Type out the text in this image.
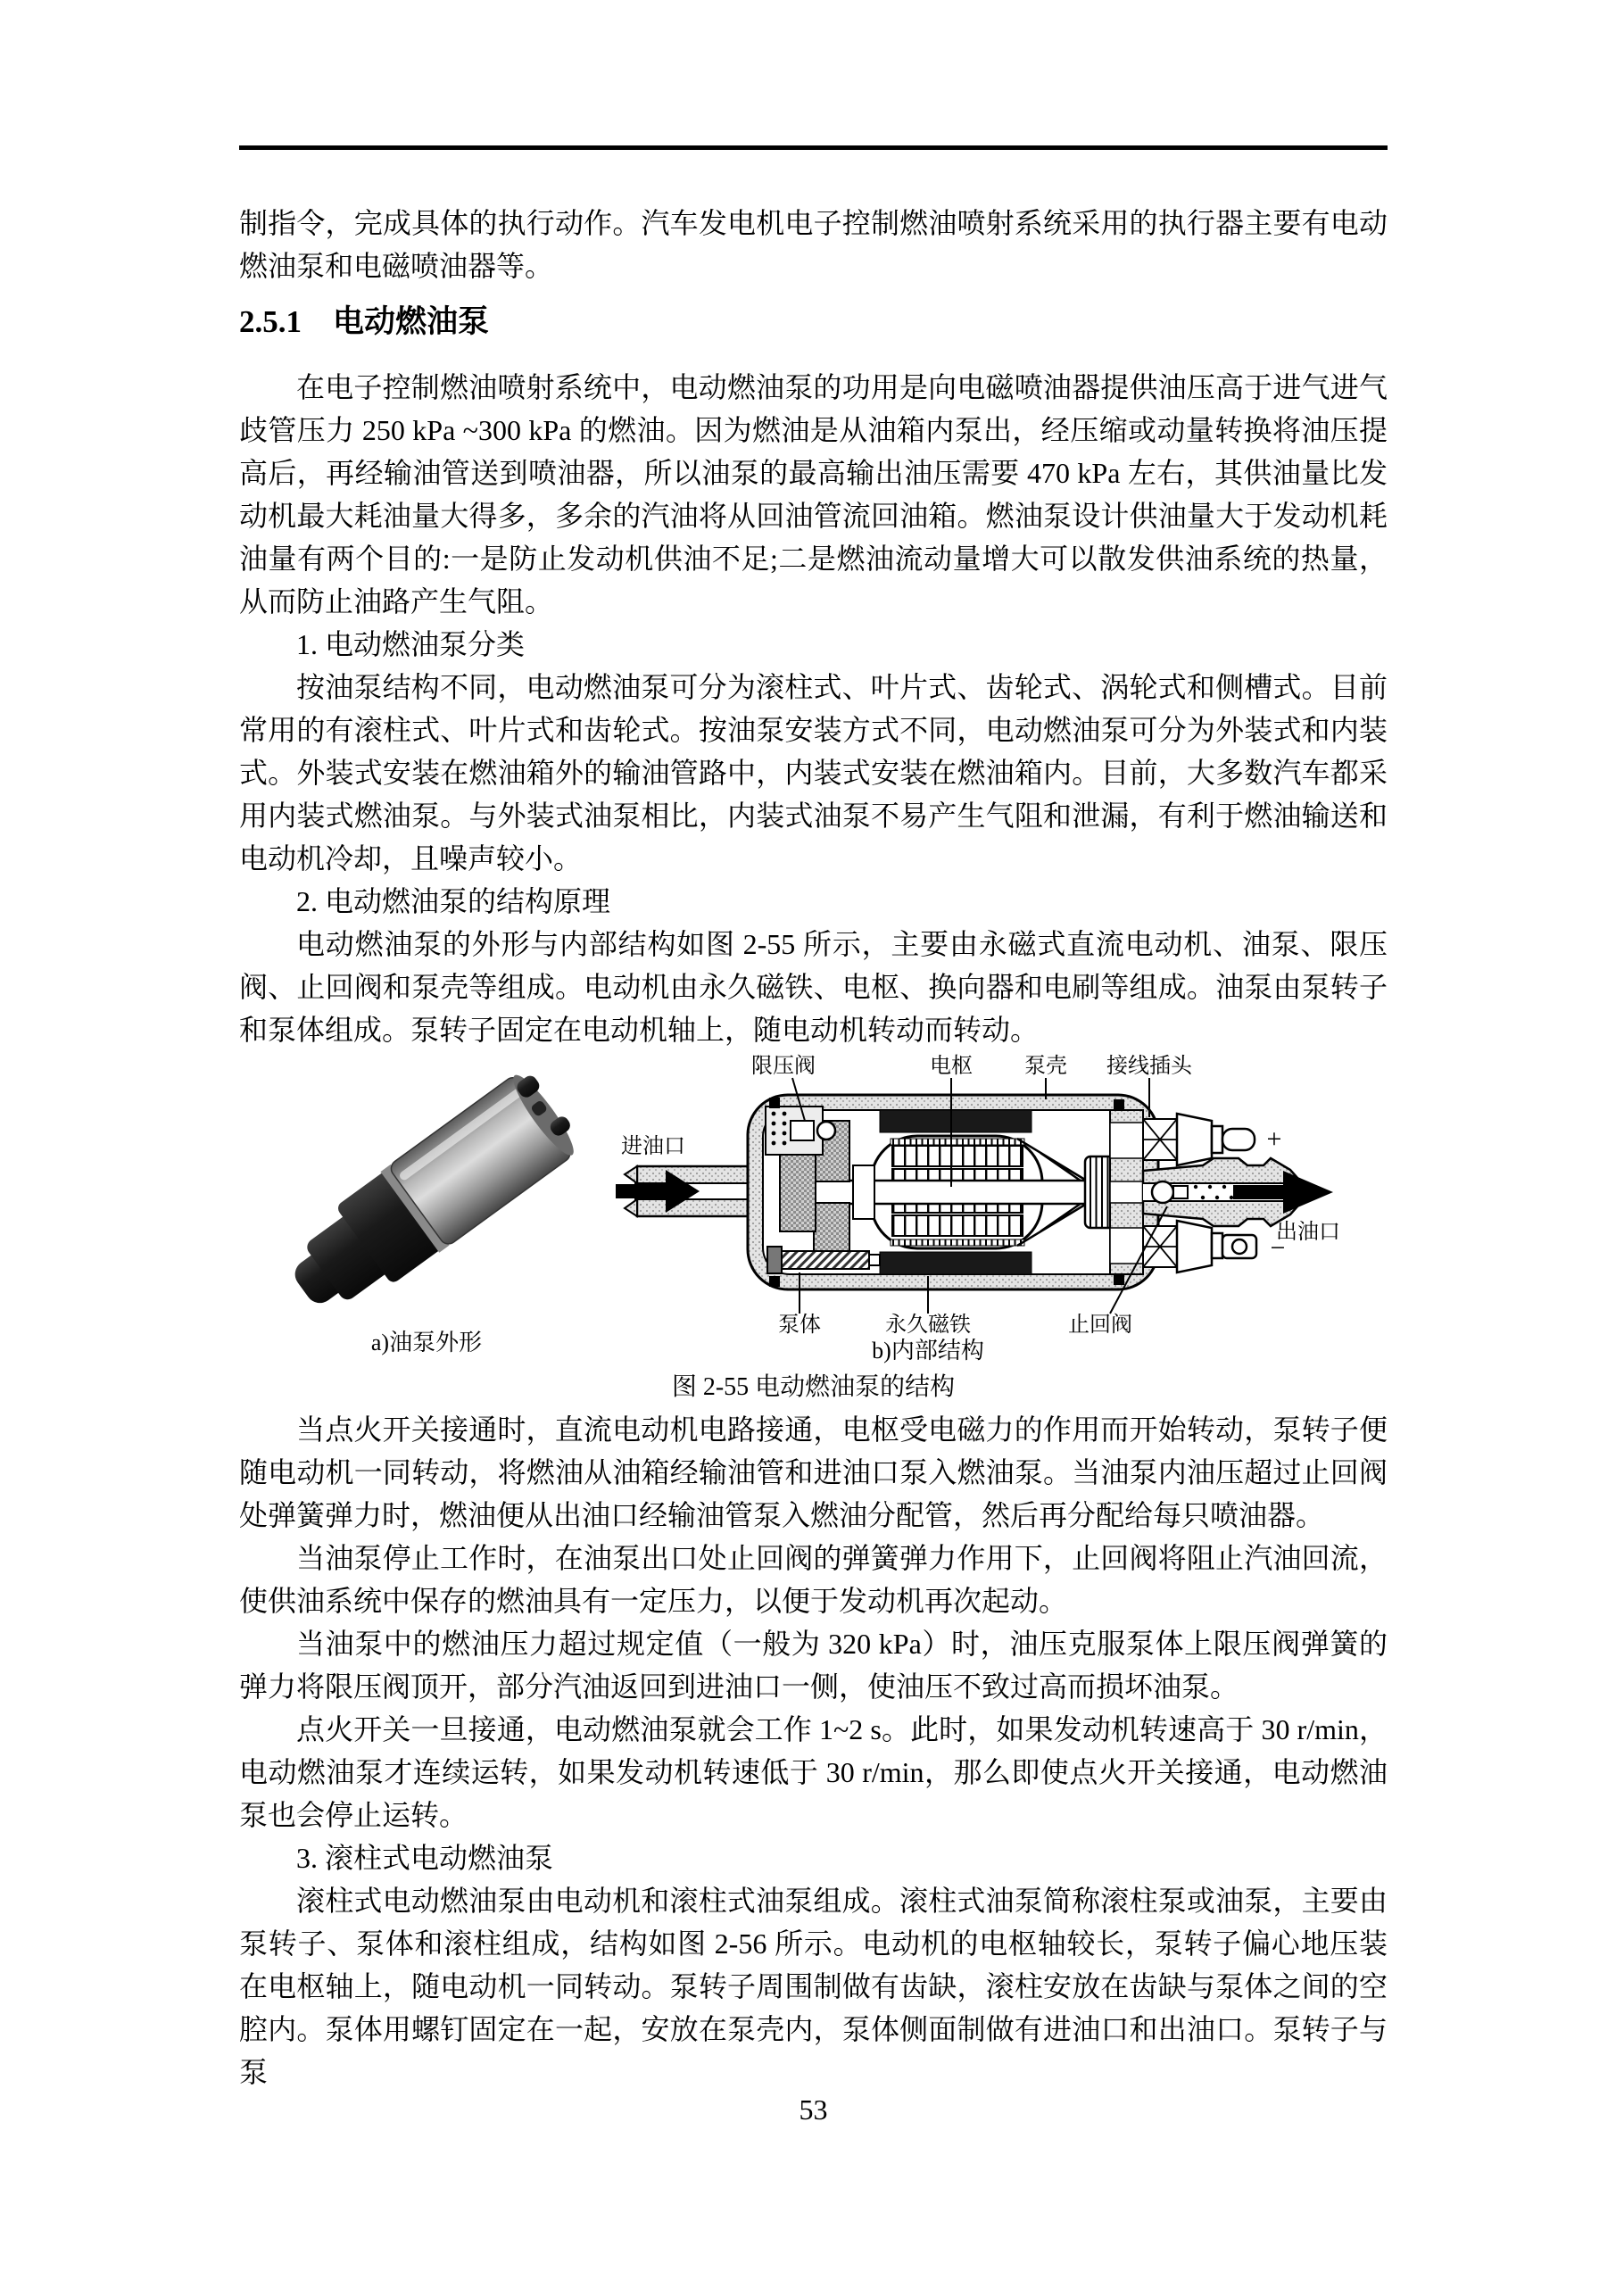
制指令，完成具体的执行动作。汽车发电机电子控制燃油喷射系统采用的执行器主要有电动燃油泵和电磁喷油器等。

2.5.1　电动燃油泵

在电子控制燃油喷射系统中，电动燃油泵的功用是向电磁喷油器提供油压高于进气进气歧管压力 250 kPa ~300 kPa 的燃油。因为燃油是从油箱内泵出，经压缩或动量转换将油压提高后，再经输油管送到喷油器，所以油泵的最高输出油压需要 470 kPa 左右，其供油量比发动机最大耗油量大得多，多余的汽油将从回油管流回油箱。燃油泵设计供油量大于发动机耗油量有两个目的:一是防止发动机供油不足;二是燃油流动量增大可以散发供油系统的热量，从而防止油路产生气阻。

1. 电动燃油泵分类

按油泵结构不同，电动燃油泵可分为滚柱式、叶片式、齿轮式、涡轮式和侧槽式。目前常用的有滚柱式、叶片式和齿轮式。按油泵安装方式不同，电动燃油泵可分为外装式和内装式。外装式安装在燃油箱外的输油管路中，内装式安装在燃油箱内。目前，大多数汽车都采用内装式燃油泵。与外装式油泵相比，内装式油泵不易产生气阻和泄漏，有利于燃油输送和电动机冷却，且噪声较小。

2. 电动燃油泵的结构原理

电动燃油泵的外形与内部结构如图 2-55 所示，主要由永磁式直流电动机、油泵、限压阀、止回阀和泵壳等组成。电动机由永久磁铁、电枢、换向器和电刷等组成。油泵由泵转子和泵体组成。泵转子固定在电动机轴上，随电动机转动而转动。

a)油泵外形
限压阀	电枢 泵壳 接线插头
进油口
出油口
+
−
泵体	永久磁铁
b)内部结构
止回阀

图 2-55 电动燃油泵的结构

当点火开关接通时，直流电动机电路接通，电枢受电磁力的作用而开始转动，泵转子便随电动机一同转动，将燃油从油箱经输油管和进油口泵入燃油泵。当油泵内油压超过止回阀处弹簧弹力时，燃油便从出油口经输油管泵入燃油分配管，然后再分配给每只喷油器。

当油泵停止工作时，在油泵出口处止回阀的弹簧弹力作用下，止回阀将阻止汽油回流，使供油系统中保存的燃油具有一定压力，以便于发动机再次起动。

当油泵中的燃油压力超过规定值（一般为 320 kPa）时，油压克服泵体上限压阀弹簧的弹力将限压阀顶开，部分汽油返回到进油口一侧，使油压不致过高而损坏油泵。

点火开关一旦接通，电动燃油泵就会工作 1~2 s。此时，如果发动机转速高于 30 r/min，电动燃油泵才连续运转，如果发动机转速低于 30 r/min，那么即使点火开关接通，电动燃油泵也会停止运转。

3. 滚柱式电动燃油泵

滚柱式电动燃油泵由电动机和滚柱式油泵组成。滚柱式油泵简称滚柱泵或油泵，主要由泵转子、泵体和滚柱组成，结构如图 2-56 所示。电动机的电枢轴较长，泵转子偏心地压装在电枢轴上，随电动机一同转动。泵转子周围制做有齿缺，滚柱安放在齿缺与泵体之间的空腔内。泵体用螺钉固定在一起，安放在泵壳内，泵体侧面制做有进油口和出油口。泵转子与泵

53
